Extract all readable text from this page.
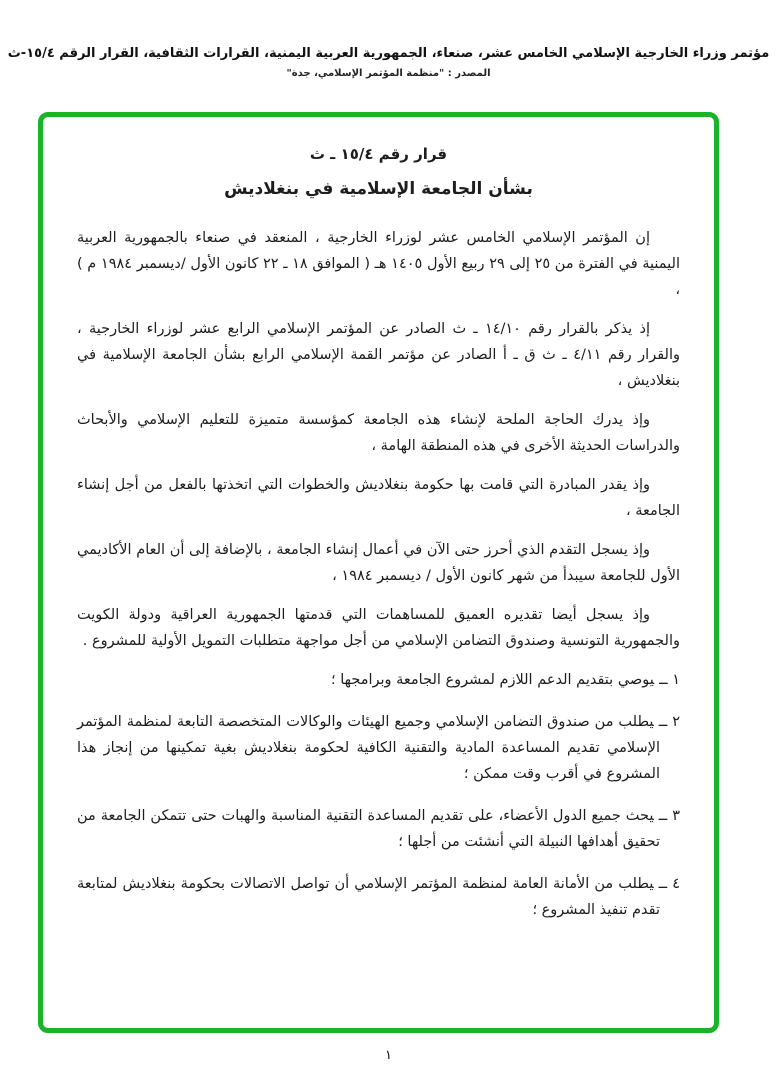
مؤتمر وزراء الخارجية الإسلامي الخامس عشر، صنعاء، الجمهورية العربية اليمنية، القرارات الثقافية، القرار الرقم ١٥/٤-ث
المصدر : "منظمة المؤتمر الإسلامي، جدة"
قرار رقم ١٥/٤ ـ ث
بشأن الجامعة الإسلامية في بنغلاديش

إن المؤتمر الإسلامي الخامس عشر لوزراء الخارجية ، المنعقد في صنعاء بالجمهورية العربية اليمنية في الفترة من ٢٥ إلى ٢٩ ربيع الأول ١٤٠٥ هـ ( الموافق ١٨ ـ ٢٢ كانون الأول /ديسمبر ١٩٨٤ م ) ،

إذ يذكر بالقرار رقم ١٤/١٠ ـ ث الصادر عن المؤتمر الإسلامي الرابع عشر لوزراء الخارجية ، والقرار رقم ٤/١١ ـ ث ق ـ أ الصادر عن مؤتمر القمة الإسلامي الرابع بشأن الجامعة الإسلامية في بنغلاديش ،

وإذ يدرك الحاجة الملحة لإنشاء هذه الجامعة كمؤسسة متميزة للتعليم الإسلامي والأبحاث والدراسات الحديثة الأخرى في هذه المنطقة الهامة ،

وإذ يقدر المبادرة التي قامت بها حكومة بنغلاديش والخطوات التي اتخذتها بالفعل من أجل إنشاء الجامعة ،

وإذ يسجل التقدم الذي أحرز حتى الآن في أعمال إنشاء الجامعة ، بالإضافة إلى أن العام الأكاديمي الأول للجامعة سيبدأ من شهر كانون الأول / ديسمبر ١٩٨٤ ،

وإذ يسجل أيضا تقديره العميق للمساهمات التي قدمتها الجمهورية العراقية ودولة الكويت والجمهورية التونسية وصندوق التضامن الإسلامي من أجل مواجهة متطلبات التمويل الأولية للمشروع .

١ ــيوصي بتقديم الدعم اللازم لمشروع الجامعة وبرامجها ؛

٢ ــيطلب من صندوق التضامن الإسلامي وجميع الهيئات والوكالات المتخصصة التابعة لمنظمة المؤتمر الإسلامي تقديم المساعدة المادية والتقنية الكافية لحكومة بنغلاديش بغية تمكينها من إنجاز هذا المشروع في أقرب وقت ممكن ؛

٣ ــيحث جميع الدول الأعضاء، على تقديم المساعدة التقنية المناسبة والهبات حتى تتمكن الجامعة من تحقيق أهدافها النبيلة التي أنشئت من أجلها ؛

٤ ــيطلب من الأمانة العامة لمنظمة المؤتمر الإسلامي أن تواصل الاتصالات بحكومة بنغلاديش لمتابعة تقدم تنفيذ المشروع ؛

١
